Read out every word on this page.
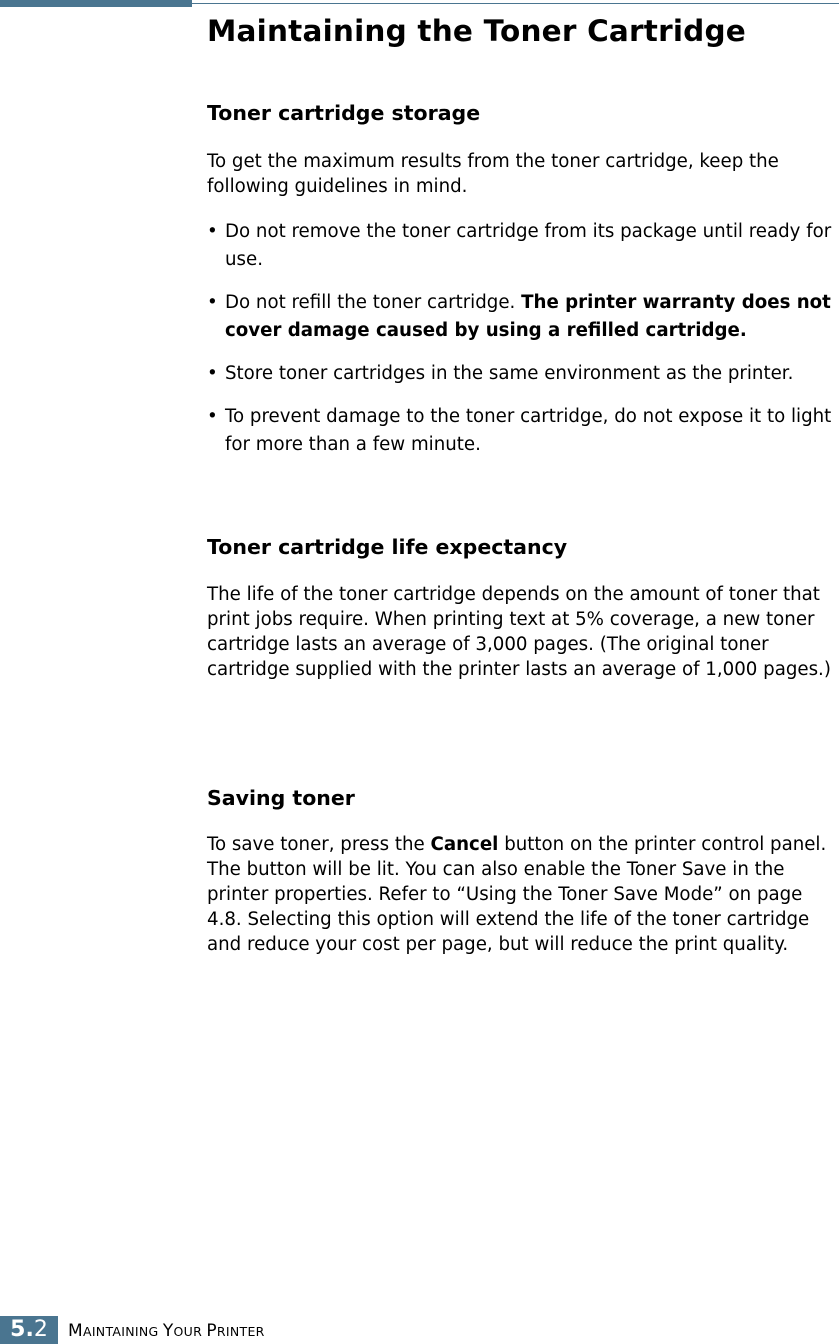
Maintaining the Toner Cartridge
Toner cartridge storage

To get the maximum results from the toner cartridge, keep the following guidelines in mind.

• Do not remove the toner cartridge from its package until ready for use.

• Do not refill the toner cartridge. The printer warranty does not cover damage caused by using a refilled cartridge.

• Store toner cartridges in the same environment as the printer.

• To prevent damage to the toner cartridge, do not expose it to light for more than a few minute.

Toner cartridge life expectancy

The life of the toner cartridge depends on the amount of toner that print jobs require. When printing text at 5% coverage, a new toner cartridge lasts an average of 3,000 pages. (The original toner cartridge supplied with the printer lasts an average of 1,000 pages.)

Saving toner

To save toner, press the Cancel button on the printer control panel. The button will be lit. You can also enable the Toner Save in the printer properties. Refer to “Using the Toner Save Mode” on page 4.8. Selecting this option will extend the life of the toner cartridge and reduce your cost per page, but will reduce the print quality.

5.2	MAINTAINING YOUR PRINTER
